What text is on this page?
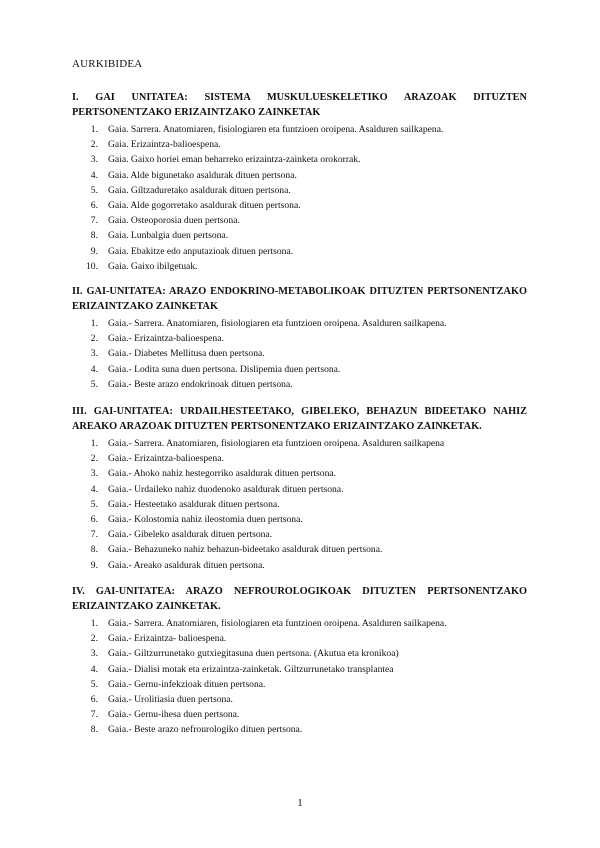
AURKIBIDEA

I. GAI UNITATEA: SISTEMA MUSKULUESKELETIKO ARAZOAK DITUZTEN
PERTSONENTZAKO ERIZAINTZAKO ZAINKETAK

1. Gaia. Sarrera. Anatomiaren, fisiologiaren eta funtzioen oroipena. Asalduren sailkapena.
2. Gaia. Erizaintza-balioespena.
3. Gaia. Gaixo horiei eman beharreko erizaintza-zainketa orokorrak.
4. Gaia. Alde bigunetako asaldurak dituen pertsona.
5. Gaia. Giltzaduretako asaldurak dituen pertsona.
6. Gaia. Alde gogorretako asaldurak dituen pertsona.
7. Gaia. Osteoporosia duen pertsona.
8. Gaia. Lunbalgia duen pertsona.
9. Gaia. Ebakitze edo anputazioak dituen pertsona.
10. Gaia. Gaixo ibilgetuak.

II. GAI-UNITATEA: ARAZO ENDOKRINO-METABOLIKOAK DITUZTEN PERTSONENTZAKO
ERIZAINTZAKO ZAINKETAK

1. Gaia.- Sarrera. Anatomiaren, fisiologiaren eta funtzioen oroipena. Asalduren sailkapena.
2. Gaia.- Erizaintza-balioespena.
3. Gaia.- Diabetes Mellitusa duen pertsona.
4. Gaia.- Lodita suna duen pertsona. Dislipemia duen pertsona.
5. Gaia.- Beste arazo endokrinoak dituen pertsona.

III. GAI-UNITATEA: URDAILHESTEETAKO, GIBELEKO, BEHAZUN BIDEETAKO NAHIZ
AREAKO ARAZOAK DITUZTEN PERTSONENTZAKO ERIZAINTZAKO ZAINKETAK.

1. Gaia.- Sarrera. Anatomiaren, fisiologiaren eta funtzioen oroipena. Asalduren sailkapena
2. Gaia.- Erizaintza-balioespena.
3. Gaia.- Ahoko nahiz hestegorriko asaldurak dituen pertsona.
4. Gaia.- Urdaileko nahiz duodenoko asaldurak dituen pertsona.
5. Gaia.- Hesteetako asaldurak dituen pertsona.
6. Gaia.- Kolostomia nahiz ileostomia duen pertsona.
7. Gaia.- Gibeleko asaldurak dituen pertsona.
8. Gaia.- Behazuneko nahiz behazun-bideetako asaldurak dituen pertsona.
9. Gaia.- Areako asaldurak dituen pertsona.

IV. GAI-UNITATEA: ARAZO NEFROUROLOGIKOAK DITUZTEN PERTSONENTZAKO
ERIZAINTZAKO ZAINKETAK.

1. Gaia.- Sarrera. Anatomiaren, fisiologiaren eta funtzioen oroipena. Asalduren sailkapena.
2. Gaia.- Erizaintza- balioespena.
3. Gaia.- Giltzurrunetako gutxiegitasuna duen pertsona. (Akutua eta kronikoa)
4. Gaia.- Dialisi motak eta erizaintza-zainketak. Giltzurrunetako transplantea
5. Gaia.- Gernu-infekzioak dituen pertsona.
6. Gaia.- Urolitiasia duen pertsona.
7. Gaia.- Gernu-ihesa duen pertsona.
8. Gaia.- Beste arazo nefrourologiko dituen pertsona.
1
